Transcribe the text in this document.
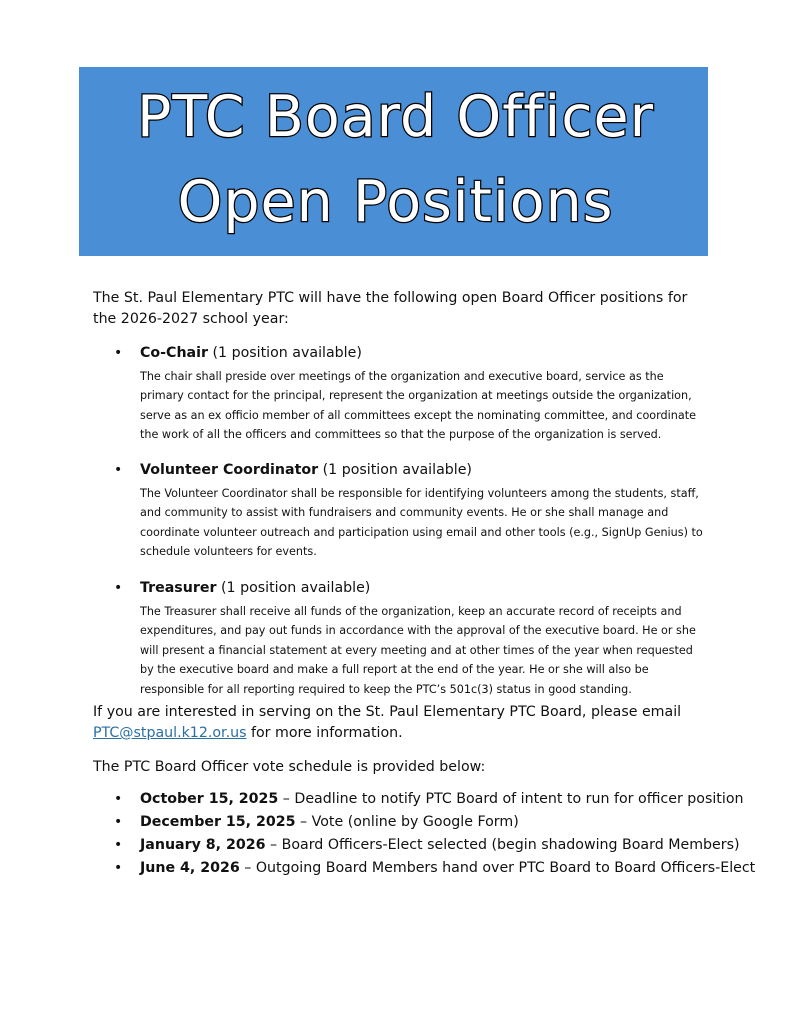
PTC Board Officer
Open Positions
The St. Paul Elementary PTC will have the following open Board Officer positions for the 2026-2027 school year:
• Co-Chair (1 position available)
The chair shall preside over meetings of the organization and executive board, service as the primary contact for the principal, represent the organization at meetings outside the organization, serve as an ex officio member of all committees except the nominating committee, and coordinate the work of all the officers and committees so that the purpose of the organization is served.
• Volunteer Coordinator (1 position available)
The Volunteer Coordinator shall be responsible for identifying volunteers among the students, staff, and community to assist with fundraisers and community events. He or she shall manage and coordinate volunteer outreach and participation using email and other tools (e.g., SignUp Genius) to schedule volunteers for events.
• Treasurer (1 position available)
The Treasurer shall receive all funds of the organization, keep an accurate record of receipts and expenditures, and pay out funds in accordance with the approval of the executive board. He or she will present a financial statement at every meeting and at other times of the year when requested by the executive board and make a full report at the end of the year. He or she will also be responsible for all reporting required to keep the PTC’s 501c(3) status in good standing.
If you are interested in serving on the St. Paul Elementary PTC Board, please email PTC@stpaul.k12.or.us for more information.
The PTC Board Officer vote schedule is provided below:
• October 15, 2025 – Deadline to notify PTC Board of intent to run for officer position
• December 15, 2025 – Vote (online by Google Form)
• January 8, 2026 – Board Officers-Elect selected (begin shadowing Board Members)
• June 4, 2026 – Outgoing Board Members hand over PTC Board to Board Officers-Elect
